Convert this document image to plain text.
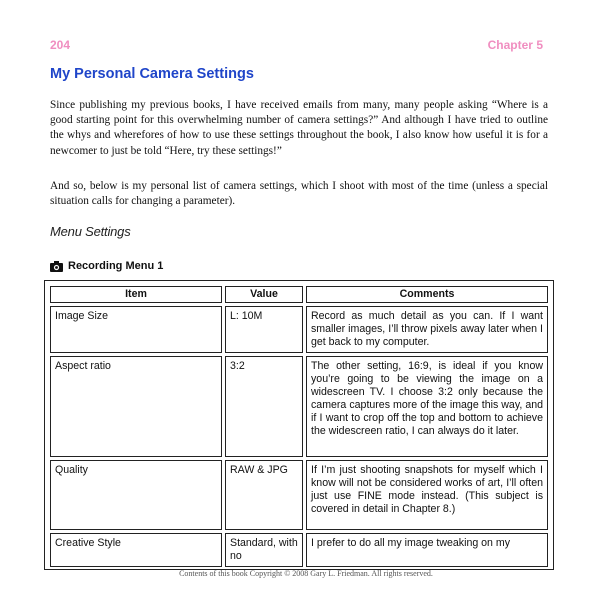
204	Chapter 5
My Personal Camera Settings

Since publishing my previous books, I have received emails from many, many people asking “Where is a good starting point for this overwhelming number of camera settings?” And although I have tried to outline the whys and wherefores of how to use these settings throughout the book, I also know how useful it is for a newcomer to just be told “Here, try these settings!”

And so, below is my personal list of camera settings, which I shoot with most of the time (unless a special situation calls for changing a parameter).

Menu Settings
Recording Menu 1
Item	Value	Comments
Image Size	L: 10M	Record as much detail as you can. If I want smaller images, I’ll throw pixels away later when I get back to my computer.
Aspect ratio	3:2	The other setting, 16:9, is ideal if you know you’re going to be viewing the image on a widescreen TV. I choose 3:2 only because the camera captures more of the image this way, and if I want to crop off the top and bottom to achieve the widescreen ratio, I can always do it later.
Quality	RAW & JPG	If I’m just shooting snapshots for myself which I know will not be considered works of art, I’ll often just use FINE mode instead. (This subject is covered in detail in Chapter 8.)
Creative Style	Standard, with no	I prefer to do all my image tweaking on my
Contents of this book Copyright © 2008 Gary L. Friedman. All rights reserved.
